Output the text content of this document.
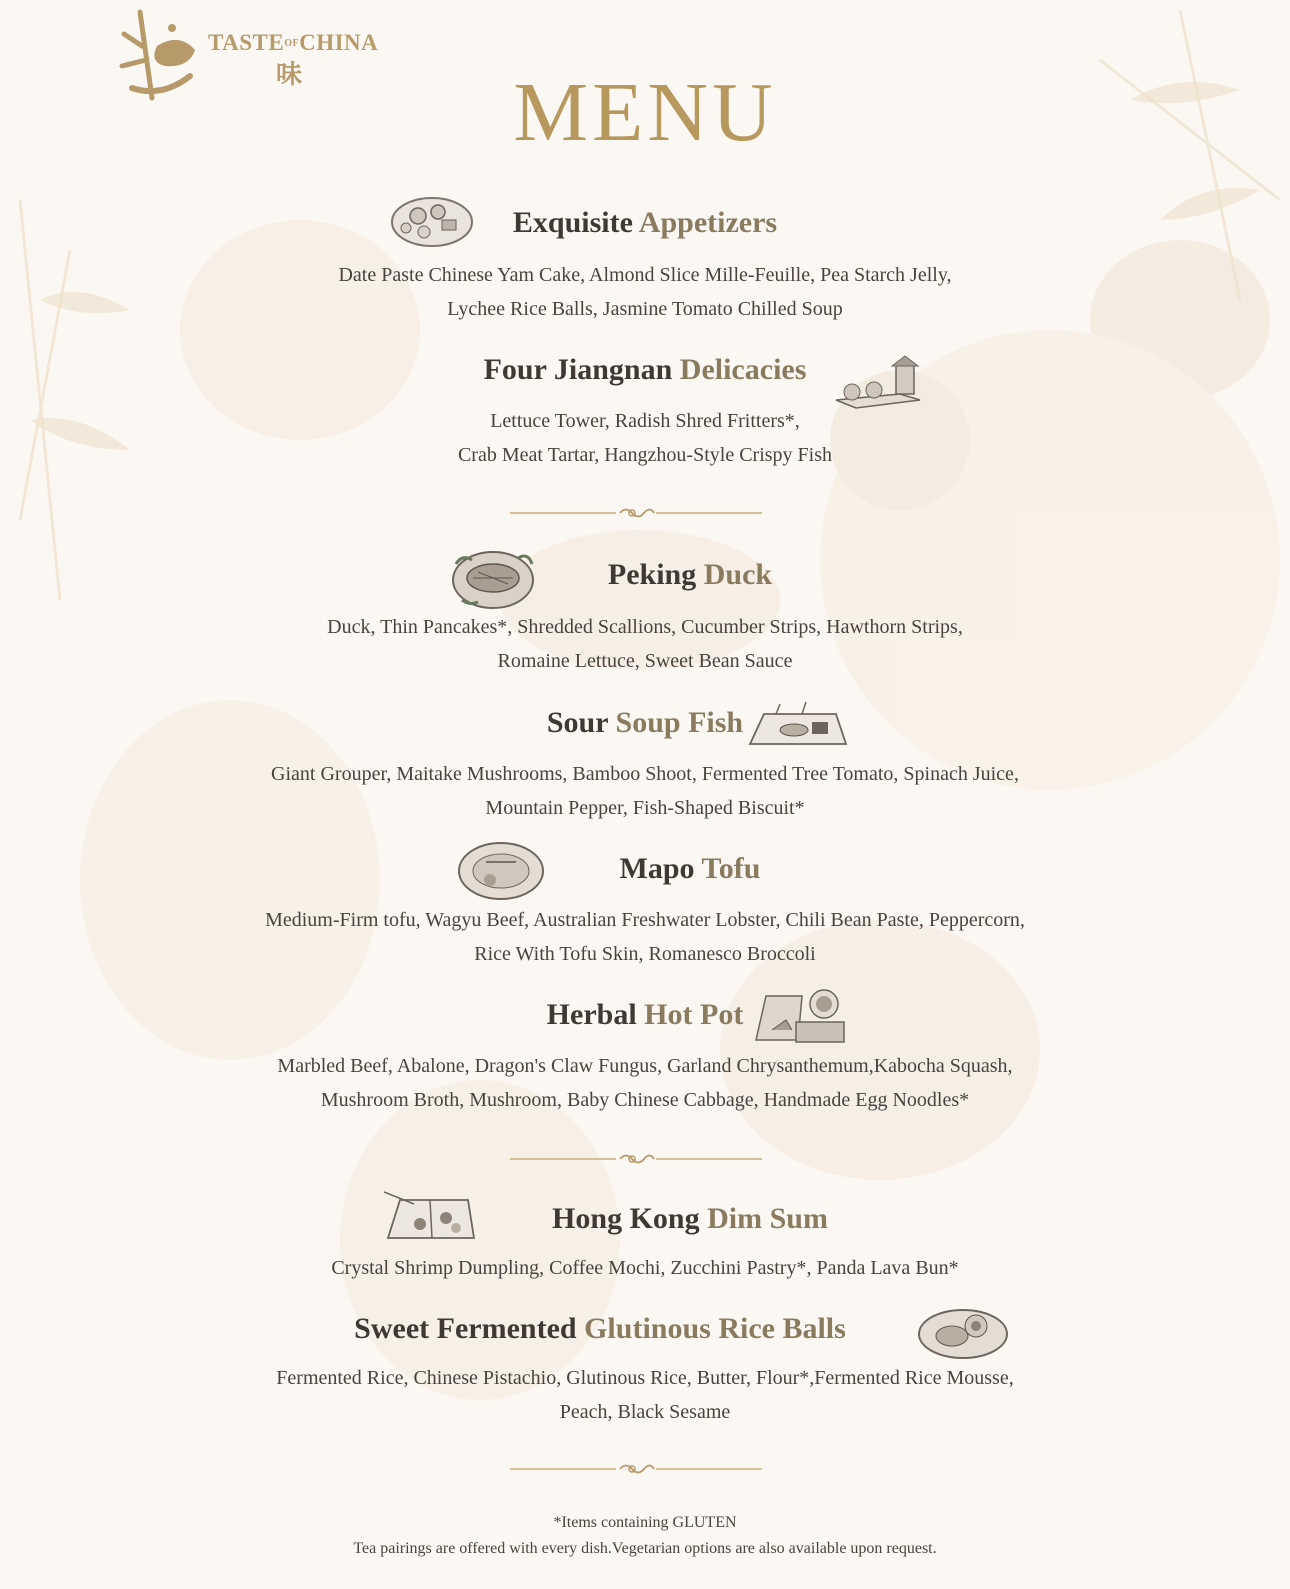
TASTEOFCHINA
味	MENU
Exquisite Appetizers
Date Paste Chinese Yam Cake, Almond Slice Mille-Feuille, Pea Starch Jelly,
Lychee Rice Balls, Jasmine Tomato Chilled Soup
Four Jiangnan Delicacies
Lettuce Tower, Radish Shred Fritters*,
Crab Meat Tartar, Hangzhou-Style Crispy Fish
Peking Duck
Duck, Thin Pancakes*, Shredded Scallions, Cucumber Strips, Hawthorn Strips,
Romaine Lettuce, Sweet Bean Sauce
Sour Soup Fish
Giant Grouper, Maitake Mushrooms, Bamboo Shoot, Fermented Tree Tomato, Spinach Juice,
Mountain Pepper, Fish-Shaped Biscuit*
Mapo Tofu
Medium-Firm tofu, Wagyu Beef, Australian Freshwater Lobster, Chili Bean Paste, Peppercorn,
Rice With Tofu Skin, Romanesco Broccoli
Herbal Hot Pot
Marbled Beef, Abalone, Dragon's Claw Fungus, Garland Chrysanthemum,Kabocha Squash,
Mushroom Broth, Mushroom, Baby Chinese Cabbage, Handmade Egg Noodles*
Hong Kong Dim Sum
Crystal Shrimp Dumpling, Coffee Mochi, Zucchini Pastry*, Panda Lava Bun*
Sweet Fermented Glutinous Rice Balls
Fermented Rice, Chinese Pistachio, Glutinous Rice, Butter, Flour*,Fermented Rice Mousse,
Peach, Black Sesame
*Items containing GLUTEN
Tea pairings are offered with every dish.Vegetarian options are also available upon request.
